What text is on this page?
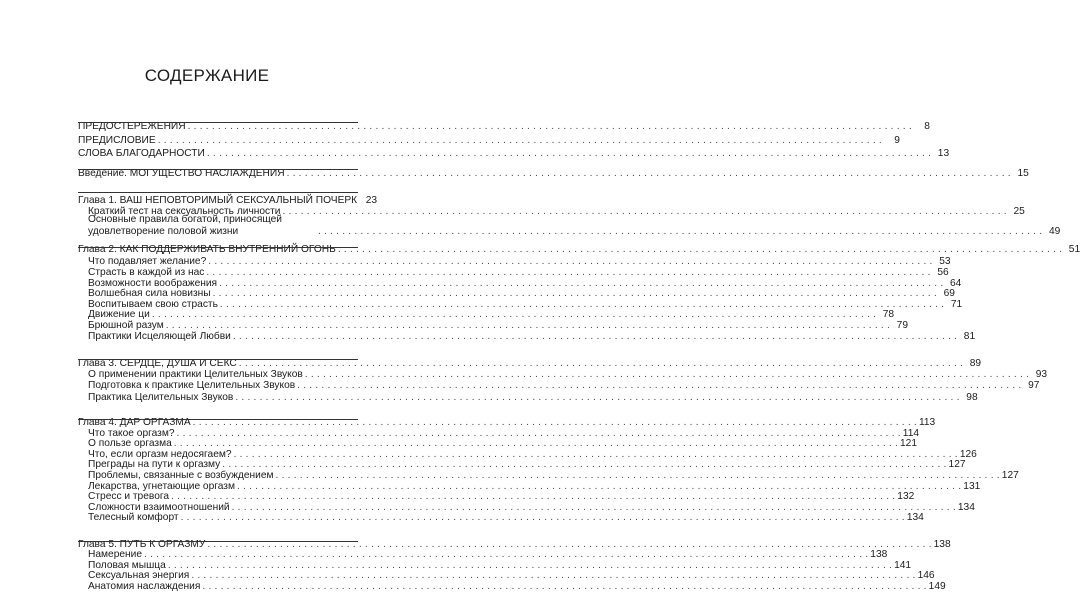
СОДЕРЖАНИЕ
ПРЕДОСТЕРЕЖЕНИЯ . . . . . . . . . . . . . . . . . . . . . . . . . . . . . . . . . . . . . . . . . . . . . . . . . . . . . . . . . . . . . . . . . . . . . . . . . . . . . . . . . . . . . . . . . . . . . . . . . . . . . . . . . . . . . . . . . . . . . . . .	8
ПРЕДИСЛОВИЕ . . . . . . . . . . . . . . . . . . . . . . . . . . . . . . . . . . . . . . . . . . . . . . . . . . . . . . . . . . . . . . . . . . . . . . . . . . . . . . . . . . . . . . . . . . . . . . . . . . . . . . . . . . . . . . . . . . . . . . . .	9
СЛОВА БЛАГОДАРНОСТИ . . . . . . . . . . . . . . . . . . . . . . . . . . . . . . . . . . . . . . . . . . . . . . . . . . . . . . . . . . . . . . . . . . . . . . . . . . . . . . . . . . . . . . . . . . . . . . . . . . . . . . . . . . . . . . . . . . . . . . . . 13
Введение. МОГУЩЕСТВО НАСЛАЖДЕНИЯ . . . . . . . . . . . . . . . . . . . . . . . . . . . . . . . . . . . . . . . . . . . . . . . . . . . . . . . . . . . . . . . . . . . . . . . . . . . . . . . . . . . . . . . . . . . . . . . . . . . . . . . . . . . . . . . . . . . . . . . . 15
Глава 1. ВАШ НЕПОВТОРИМЫЙ СЕКСУАЛЬНЫЙ ПОЧЕРК 23
Краткий тест на сексуальность личности . . . . . . . . . . . . . . . . . . . . . . . . . . . . . . . . . . . . . . . . . . . . . . . . . . . . . . . . . . . . . . . . . . . . . . . . . . . . . . . . . . . . . . . . . . . . . . . . . . . . . . . . . . . . . . . . . . . . . . . . 25
Основные правила богатой, приносящей удовлетворение половой жизни	. . . . . . . . . . . . . . . . . . . . . . . . . . . . . . . . . . . . . . . . . . . . . . . . . . . . . . . . . . . . . . . . . . . . . . . . . . . . . . . . . . . . . . . . . . . . . . . . . . . . . . . . . . . . . . . . . . . . . . . . 49
Глава 2. КАК ПОДДЕРЖИВАТЬ ВНУТРЕННИЙ ОГОНЬ . . . . . . . . . . . . . . . . . . . . . . . . . . . . . . . . . . . . . . . . . . . . . . . . . . . . . . . . . . . . . . . . . . . . . . . . . . . . . . . . . . . . . . . . . . . . . . . . . . . . . . . . . . . . . . . . . . . . . . . . 51
Что подавляет желание? . . . . . . . . . . . . . . . . . . . . . . . . . . . . . . . . . . . . . . . . . . . . . . . . . . . . . . . . . . . . . . . . . . . . . . . . . . . . . . . . . . . . . . . . . . . . . . . . . . . . . . . . . . . . . . . . . . . . . . . . 53
Страсть в каждой из нас . . . . . . . . . . . . . . . . . . . . . . . . . . . . . . . . . . . . . . . . . . . . . . . . . . . . . . . . . . . . . . . . . . . . . . . . . . . . . . . . . . . . . . . . . . . . . . . . . . . . . . . . . . . . . . . . . . . . . . . . 56
Возможности воображения . . . . . . . . . . . . . . . . . . . . . . . . . . . . . . . . . . . . . . . . . . . . . . . . . . . . . . . . . . . . . . . . . . . . . . . . . . . . . . . . . . . . . . . . . . . . . . . . . . . . . . . . . . . . . . . . . . . . . . . . 64
Волшебная сила новизны . . . . . . . . . . . . . . . . . . . . . . . . . . . . . . . . . . . . . . . . . . . . . . . . . . . . . . . . . . . . . . . . . . . . . . . . . . . . . . . . . . . . . . . . . . . . . . . . . . . . . . . . . . . . . . . . . . . . . . . . 69
Воспитываем свою страсть . . . . . . . . . . . . . . . . . . . . . . . . . . . . . . . . . . . . . . . . . . . . . . . . . . . . . . . . . . . . . . . . . . . . . . . . . . . . . . . . . . . . . . . . . . . . . . . . . . . . . . . . . . . . . . . . . . . . . . . . 71
Движение ци . . . . . . . . . . . . . . . . . . . . . . . . . . . . . . . . . . . . . . . . . . . . . . . . . . . . . . . . . . . . . . . . . . . . . . . . . . . . . . . . . . . . . . . . . . . . . . . . . . . . . . . . . . . . . . . . . . . . . . . . 78
Брюшной разум . . . . . . . . . . . . . . . . . . . . . . . . . . . . . . . . . . . . . . . . . . . . . . . . . . . . . . . . . . . . . . . . . . . . . . . . . . . . . . . . . . . . . . . . . . . . . . . . . . . . . . . . . . . . . . . . . . . . . . . . 79
Практики Исцеляющей Любви . . . . . . . . . . . . . . . . . . . . . . . . . . . . . . . . . . . . . . . . . . . . . . . . . . . . . . . . . . . . . . . . . . . . . . . . . . . . . . . . . . . . . . . . . . . . . . . . . . . . . . . . . . . . . . . . . . . . . . . . 81
Глава 3. СЕРДЦЕ, ДУША И СЕКС . . . . . . . . . . . . . . . . . . . . . . . . . . . . . . . . . . . . . . . . . . . . . . . . . . . . . . . . . . . . . . . . . . . . . . . . . . . . . . . . . . . . . . . . . . . . . . . . . . . . . . . . . . . . . . . . . . . . . . . . 89
О применении практики Целительных Звуков . . . . . . . . . . . . . . . . . . . . . . . . . . . . . . . . . . . . . . . . . . . . . . . . . . . . . . . . . . . . . . . . . . . . . . . . . . . . . . . . . . . . . . . . . . . . . . . . . . . . . . . . . . . . . . . . . . . . . . . . 93
Подготовка к практике Целительных Звуков . . . . . . . . . . . . . . . . . . . . . . . . . . . . . . . . . . . . . . . . . . . . . . . . . . . . . . . . . . . . . . . . . . . . . . . . . . . . . . . . . . . . . . . . . . . . . . . . . . . . . . . . . . . . . . . . . . . . . . . . 97
Практика Целительных Звуков . . . . . . . . . . . . . . . . . . . . . . . . . . . . . . . . . . . . . . . . . . . . . . . . . . . . . . . . . . . . . . . . . . . . . . . . . . . . . . . . . . . . . . . . . . . . . . . . . . . . . . . . . . . . . . . . . . . . . . . . 98
Глава 4. ДАР ОРГАЗМА . . . . . . . . . . . . . . . . . . . . . . . . . . . . . . . . . . . . . . . . . . . . . . . . . . . . . . . . . . . . . . . . . . . . . . . . . . . . . . . . . . . . . . . . . . . . . . . . . . . . . . . . . . . . . . . . . . . . . . . . 113
Что такое оргазм? . . . . . . . . . . . . . . . . . . . . . . . . . . . . . . . . . . . . . . . . . . . . . . . . . . . . . . . . . . . . . . . . . . . . . . . . . . . . . . . . . . . . . . . . . . . . . . . . . . . . . . . . . . . . . . . . . . . . . . . . 114
О пользе оргазма . . . . . . . . . . . . . . . . . . . . . . . . . . . . . . . . . . . . . . . . . . . . . . . . . . . . . . . . . . . . . . . . . . . . . . . . . . . . . . . . . . . . . . . . . . . . . . . . . . . . . . . . . . . . . . . . . . . . . . . . 121
Что, если оргазм недосягаем? . . . . . . . . . . . . . . . . . . . . . . . . . . . . . . . . . . . . . . . . . . . . . . . . . . . . . . . . . . . . . . . . . . . . . . . . . . . . . . . . . . . . . . . . . . . . . . . . . . . . . . . . . . . . . . . . . . . . . . . . 126
Преграды на пути к оргазму . . . . . . . . . . . . . . . . . . . . . . . . . . . . . . . . . . . . . . . . . . . . . . . . . . . . . . . . . . . . . . . . . . . . . . . . . . . . . . . . . . . . . . . . . . . . . . . . . . . . . . . . . . . . . . . . . . . . . . . . 127
Проблемы, связанные с возбуждением . . . . . . . . . . . . . . . . . . . . . . . . . . . . . . . . . . . . . . . . . . . . . . . . . . . . . . . . . . . . . . . . . . . . . . . . . . . . . . . . . . . . . . . . . . . . . . . . . . . . . . . . . . . . . . . . . . . . . . . . 127
Лекарства, угнетающие оргазм . . . . . . . . . . . . . . . . . . . . . . . . . . . . . . . . . . . . . . . . . . . . . . . . . . . . . . . . . . . . . . . . . . . . . . . . . . . . . . . . . . . . . . . . . . . . . . . . . . . . . . . . . . . . . . . . . . . . . . . . 131
Стресс и тревога . . . . . . . . . . . . . . . . . . . . . . . . . . . . . . . . . . . . . . . . . . . . . . . . . . . . . . . . . . . . . . . . . . . . . . . . . . . . . . . . . . . . . . . . . . . . . . . . . . . . . . . . . . . . . . . . . . . . . . . . 132
Сложности взаимоотношений . . . . . . . . . . . . . . . . . . . . . . . . . . . . . . . . . . . . . . . . . . . . . . . . . . . . . . . . . . . . . . . . . . . . . . . . . . . . . . . . . . . . . . . . . . . . . . . . . . . . . . . . . . . . . . . . . . . . . . . . 134
Телесный комфорт . . . . . . . . . . . . . . . . . . . . . . . . . . . . . . . . . . . . . . . . . . . . . . . . . . . . . . . . . . . . . . . . . . . . . . . . . . . . . . . . . . . . . . . . . . . . . . . . . . . . . . . . . . . . . . . . . . . . . . . . 134
Глава 5. ПУТЬ К ОРГАЗМУ . . . . . . . . . . . . . . . . . . . . . . . . . . . . . . . . . . . . . . . . . . . . . . . . . . . . . . . . . . . . . . . . . . . . . . . . . . . . . . . . . . . . . . . . . . . . . . . . . . . . . . . . . . . . . . . . . . . . . . . . 138
Намерение . . . . . . . . . . . . . . . . . . . . . . . . . . . . . . . . . . . . . . . . . . . . . . . . . . . . . . . . . . . . . . . . . . . . . . . . . . . . . . . . . . . . . . . . . . . . . . . . . . . . . . . . . . . . . . . . . . . . . . . . 138
Половая мышца . . . . . . . . . . . . . . . . . . . . . . . . . . . . . . . . . . . . . . . . . . . . . . . . . . . . . . . . . . . . . . . . . . . . . . . . . . . . . . . . . . . . . . . . . . . . . . . . . . . . . . . . . . . . . . . . . . . . . . . . 141
Сексуальная энергия . . . . . . . . . . . . . . . . . . . . . . . . . . . . . . . . . . . . . . . . . . . . . . . . . . . . . . . . . . . . . . . . . . . . . . . . . . . . . . . . . . . . . . . . . . . . . . . . . . . . . . . . . . . . . . . . . . . . . . . . 146
Анатомия наслаждения . . . . . . . . . . . . . . . . . . . . . . . . . . . . . . . . . . . . . . . . . . . . . . . . . . . . . . . . . . . . . . . . . . . . . . . . . . . . . . . . . . . . . . . . . . . . . . . . . . . . . . . . . . . . . . . . . . . . . . . . 149
